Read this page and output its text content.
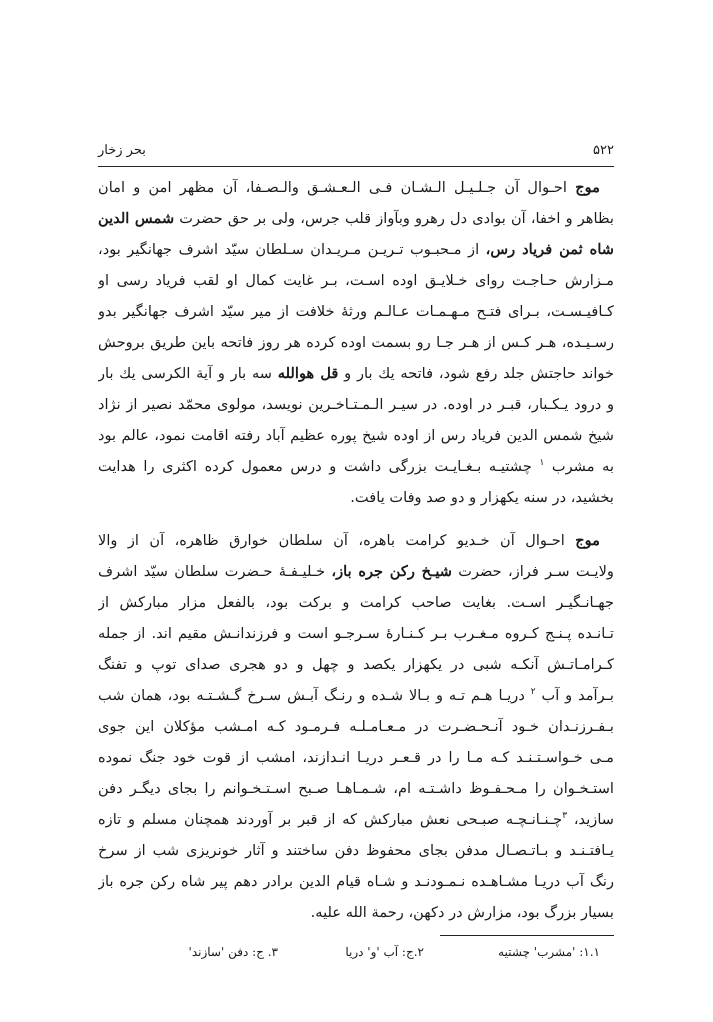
۵۲۲
بحر زخار
موج احـوال آن جـلـیـل الـشـان فـی الـعـشـق والـصـفا، آن مظهر امن و امان
بظاهر و اخفا، آن بوادی دل رهرو وبآواز قلب جرس، ولی بر حق حضرت شمس الدین
شاه ثمن فریاد رس، از مـحبـوب تـریـن مـریـدان سـلطان سیّد اشرف جهانگیر بود،
مـزارش حـاجـت روای خـلایـق اوده اسـت، بـر غایت کمال او لقب فریاد رسی او
کـافیـسـت، بـرای فتـح مـهـمـات عـالـم ورثهٔ خلافت از میر سیّد اشرف جهانگیر بدو
رسـیـده، هـر کـس از هـر جـا رو بسمت اوده کرده هر روز فاتحه باین طریق بروحش
خواند حاجتش جلد رفع شود، فاتحه یك بار و قل هوالله سه بار و آیة الکرسی یك بار
و درود یـکـبار، قبـر در اوده. در سیـر الـمـتـاخـرین نویسد، مولوی محمّد نصیر از نژاد
شیخ شمس الدین فریاد رس از اوده شیخ پوره عظیم آباد رفته اقامت نمود، عالم بود
به مشرب $^١$ چشتیـه بـغـایـت بزرگی داشت و درس معمول کرده اکثری را هدایت
بخشید، در سنه یکهزار و دو صد وفات یافت.
موج احـوال آن خـدیو کرامت باهره، آن سلطان خوارق ظاهره، آن از والا
ولایـت سـر فراز، حضرت شیـخ رکن جره باز، خـلیـفـهٔ حـضرت سلطان سیّد اشرف
جهـانـگیـر اسـت. بغایت صاحب کرامت و برکت بود، بالفعل مزار مبارکش از
تـانـده پـنـج کـروه مـغـرب بـر کـنـارهٔ سـرجـو است و فرزندانـش مقیم اند. از جمله
کـرامـاتـش آنکـه شبی در یکهزار یکصد و چهل و دو هجری صدای توپ و تفنگ
بـرآمد و آب $^٢$ دریـا هـم تـه و بـالا شـده و رنـگ آبـش سـرخ گـشـتـه بود، همان شب
بـفـرزنـدان خـود آنـحـضـرت در مـعـامـلـه فـرمـود کـه امـشب مؤکلان این جوی
مـی خـواسـتـنـد کـه مـا را در قـعـر دریـا انـدازند، امشب از قوت خود جنگ نموده
استـخـوان را مـحـفـوظ داشـتـه ام، شـمـاهـا صـبح اسـتـخـوانم را بجای دیگـر دفن
سازید، $^٣$چـنـانـچـه صبـحی نعش مبارکش که از قبر بر آوردند همچنان مسلم و تازه
یـافتـنـد و بـاتـصـال مدفن بجای محفوظ دفن ساختند و آثار خونریزی شب از سرخ
رنگ آب دریـا مشـاهـده نـمـودنـد و شـاه قیام الدین برادر دهم پیر شاه رکن جره باز
بسیار بزرگ بود، مزارش در دکهن، رحمة الله علیه.
١.١: 'مشرب' چشتیه
٢.ج: آب 'و' دریا
٣. ج: دفن 'سازند'
